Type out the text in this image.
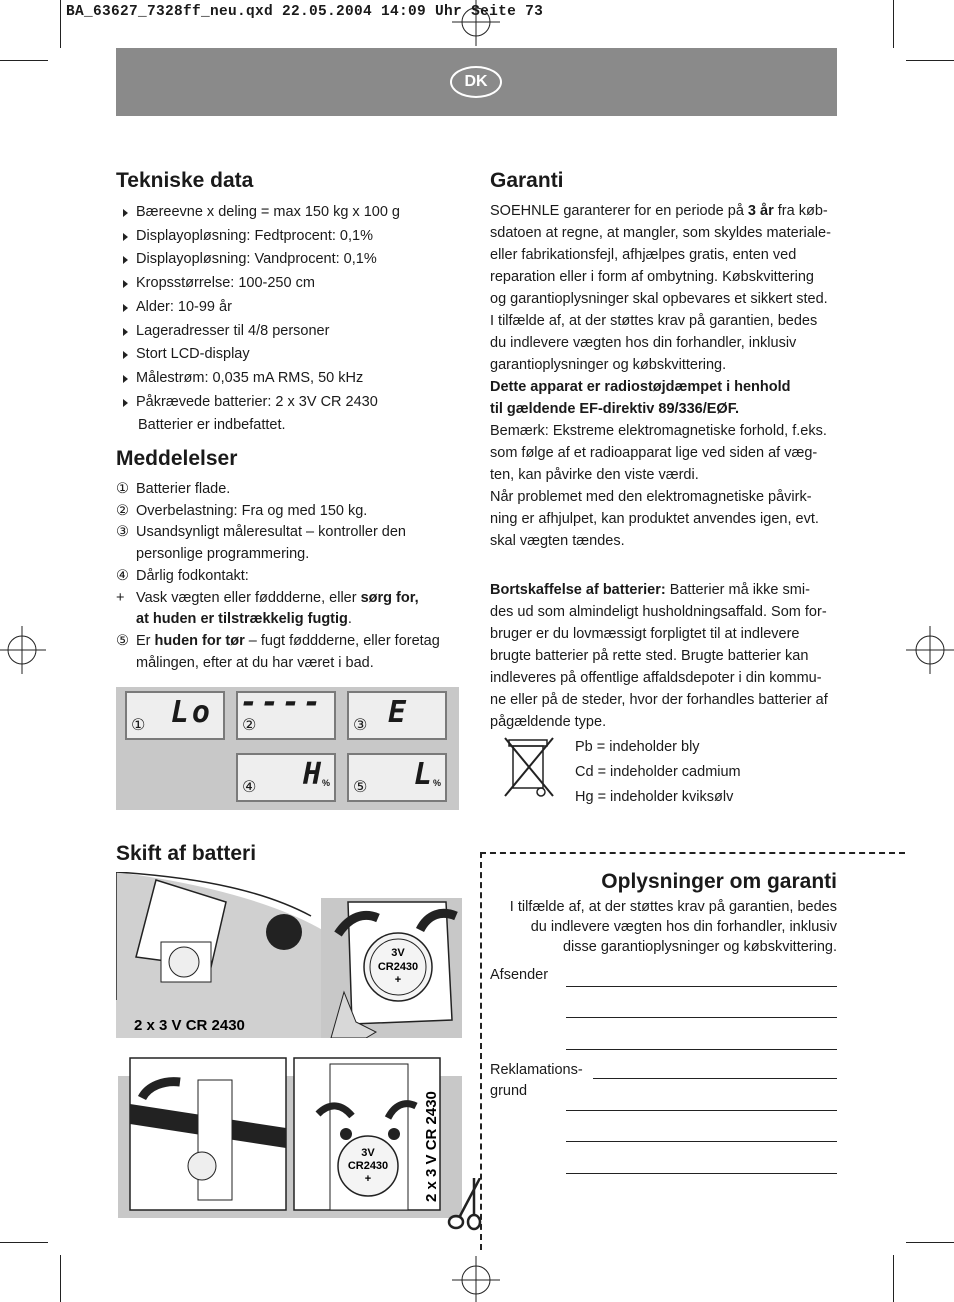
BA_63627_7328ff_neu.qxd 22.05.2004 14:09 Uhr Seite 73
DK
Tekniske data
Bæreevne x deling = max 150 kg x 100 g
Displayopløsning: Fedtprocent: 0,1%
Displayopløsning: Vandprocent: 0,1%
Kropsstørrelse: 100-250 cm
Alder: 10-99 år
Lageradresser til 4/8 personer
Stort LCD-display
Målestrøm: 0,035 mA RMS, 50 kHz
Påkrævede batterier: 2 x 3V CR 2430
Batterier er indbefattet.
Meddelelser
① Batterier flade.
② Overbelastning: Fra og med 150 kg.
③ Usandsynligt måleresultat – kontroller den
personlige programmering.
④ Dårlig fodkontakt:
+ Vask vægten eller føddderne, eller sørg for,
at huden er tilstrækkelig fugtig.
⑤ Er huden for tør – fugt føddderne, eller foretag
målingen, efter at du har været i bad.
① Lo ②
----
③ E
④ H
% ⑤ L
%
Skift af batteri
3V
CR2430
+
2 x 3 V CR 2430
3V
CR2430
+	2 x 3 V CR 2430
Garanti
SOEHNLE garanterer for en periode på 3 år fra køb-
sdatoen at regne, at mangler, som skyldes materiale-
eller fabrikationsfejl, afhjælpes gratis, enten ved
reparation eller i form af ombytning. Købskvittering
og garantioplysninger skal opbevares et sikkert sted.
I tilfælde af, at der støttes krav på garantien, bedes
du indlevere vægten hos din forhandler, inklusiv
garantioplysninger og købskvittering.
Dette apparat er radiostøjdæmpet i henhold
til gældende EF-direktiv 89/336/EØF.
Bemærk: Ekstreme elektromagnetiske forhold, f.eks.
som følge af et radioapparat lige ved siden af væg-
ten, kan påvirke den viste værdi.
Når problemet med den elektromagnetiske påvirk-
ning er afhjulpet, kan produktet anvendes igen, evt.
skal vægten tændes.
Bortskaffelse af batterier: Batterier må ikke smi-
des ud som almindeligt husholdningsaffald. Som for-
bruger er du lovmæssigt forpligtet til at indlevere
brugte batterier på rette sted. Brugte batterier kan
indleveres på offentlige affaldsdepoter i din kommu-
ne eller på de steder, hvor der forhandles batterier af
pågældende type.
Pb = indeholder bly
Cd = indeholder cadmium
Hg = indeholder kviksølv
Oplysninger om garanti
I tilfælde af, at der støttes krav på garantien, bedes
du indlevere vægten hos din forhandler, inklusiv
disse garantioplysninger og købskvittering.
Afsender
Reklamations-
grund
